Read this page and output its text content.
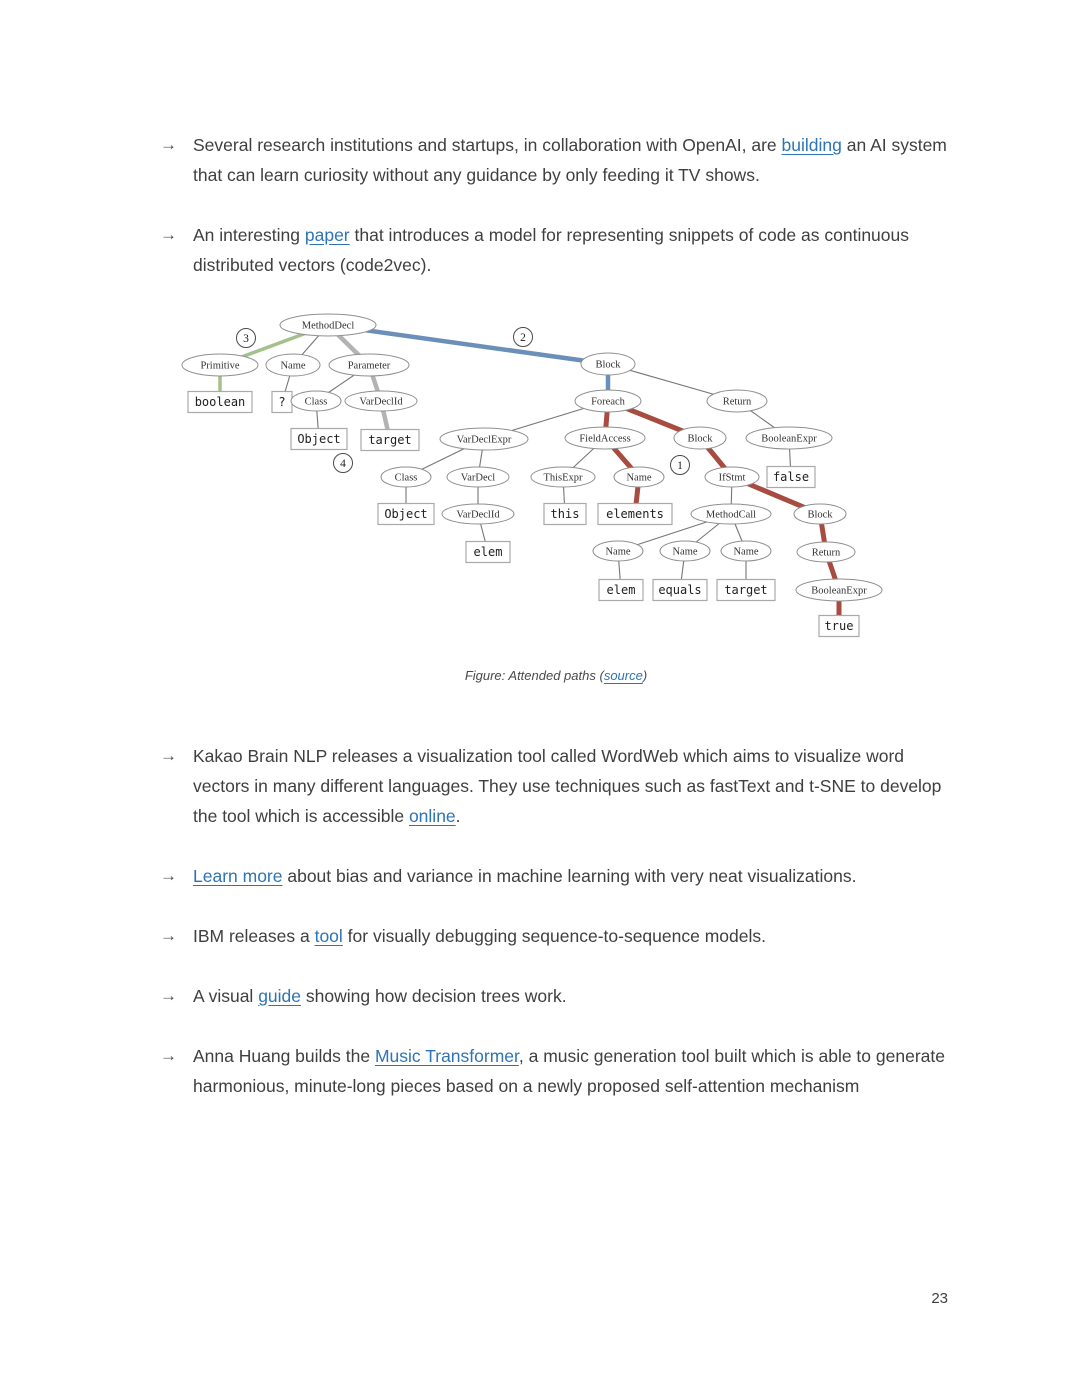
→ Several research institutions and startups, in collaboration with OpenAI, are building an AI system that can learn curiosity without any guidance by only feeding it TV shows.
→ An interesting paper that introduces a model for representing snippets of code as continuous distributed vectors (code2vec).
MethodDecl
3	2
Primitive	Name	Parameter	Block
boolean	? Class	VarDeclId	Foreach	Return
Object target
4
VarDeclExpr	FieldAccess	Block	BooleanExpr
Class	VarDecl	ThisExpr	Name
1
IfStmt false
Object	VarDeclId	this elements	MethodCall	Block
elem	Name	Name	Name	Return
elem equals target	BooleanExpr
true
Figure: Attended paths (source)
→ Kakao Brain NLP releases a visualization tool called WordWeb which aims to visualize word vectors in many different languages. They use techniques such as fastText and t-SNE to develop the tool which is accessible online.
→ Learn more about bias and variance in machine learning with very neat visualizations.
→ IBM releases a tool for visually debugging sequence-to-sequence models.
→ A visual guide showing how decision trees work.
→ Anna Huang builds the Music Transformer, a music generation tool built which is able to generate harmonious, minute-long pieces based on a newly proposed self-attention mechanism
23
